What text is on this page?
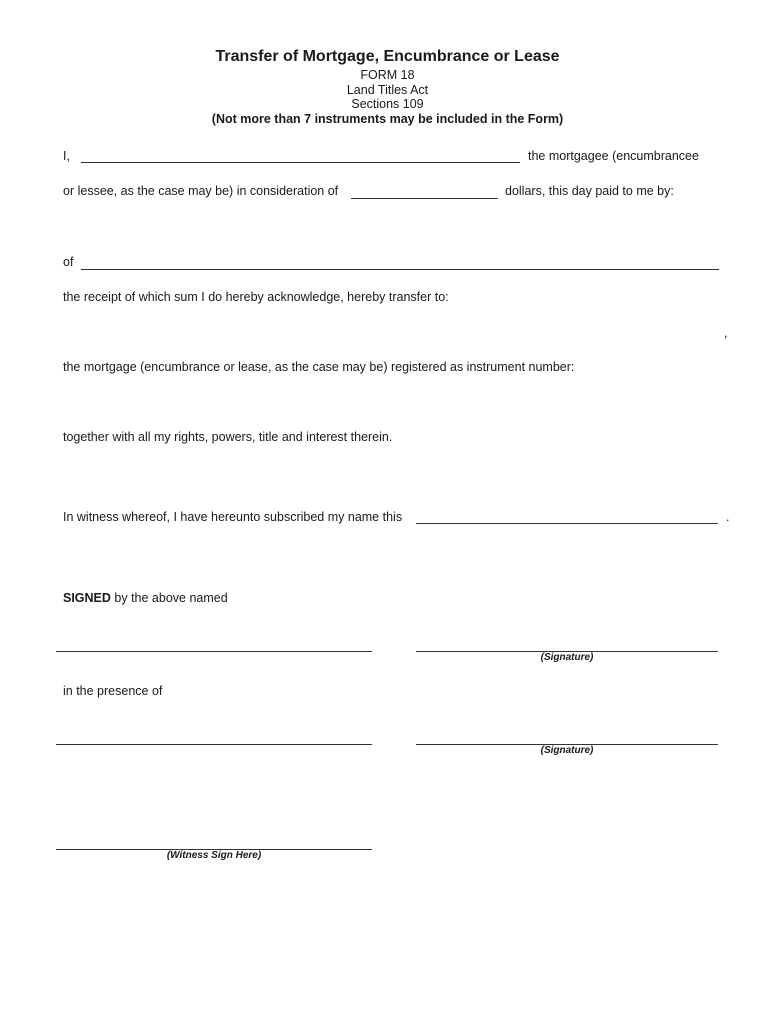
Transfer of Mortgage, Encumbrance or Lease
FORM 18
Land Titles Act
Sections 109
(Not more than 7 instruments may be included in the Form)
I,	the mortgagee (encumbrancee
or lessee, as the case may be) in consideration of	dollars, this day paid to me by:
of
the receipt of which sum I do hereby acknowledge, hereby transfer to:
,
the mortgage (encumbrance or lease, as the case may be) registered as instrument number:
together with all my rights, powers, title and interest therein.
In witness whereof, I have hereunto subscribed my name this	.
SIGNED by the above named
(Signature)
in the presence of
(Signature)
(Witness Sign Here)
